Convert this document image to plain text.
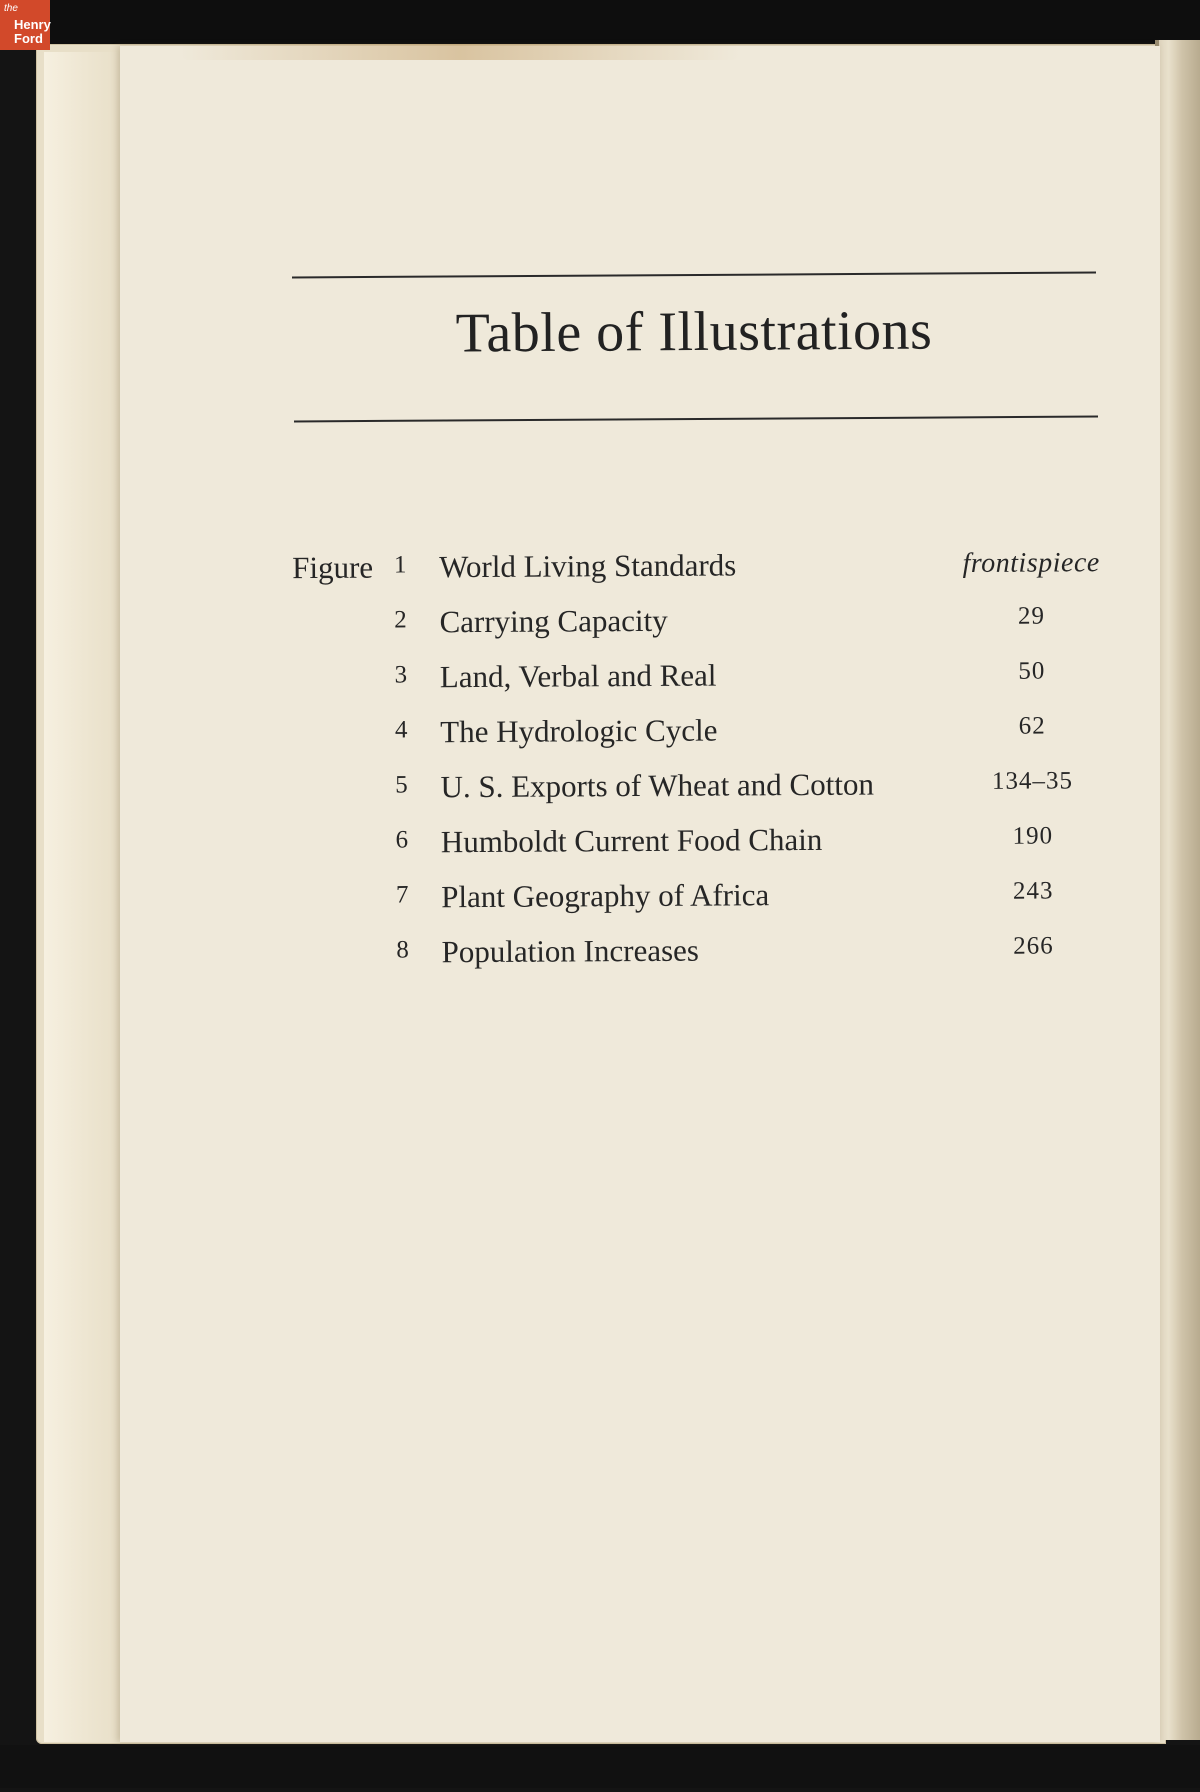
the
Henry
Ford
Table of Illustrations
Figure 1 World Living Standards	frontispiece
2 Carrying Capacity	29
3 Land, Verbal and Real	50
4 The Hydrologic Cycle	62
5 U. S. Exports of Wheat and Cotton	134–35
6 Humboldt Current Food Chain	190
7 Plant Geography of Africa	243
8 Population Increases	266
